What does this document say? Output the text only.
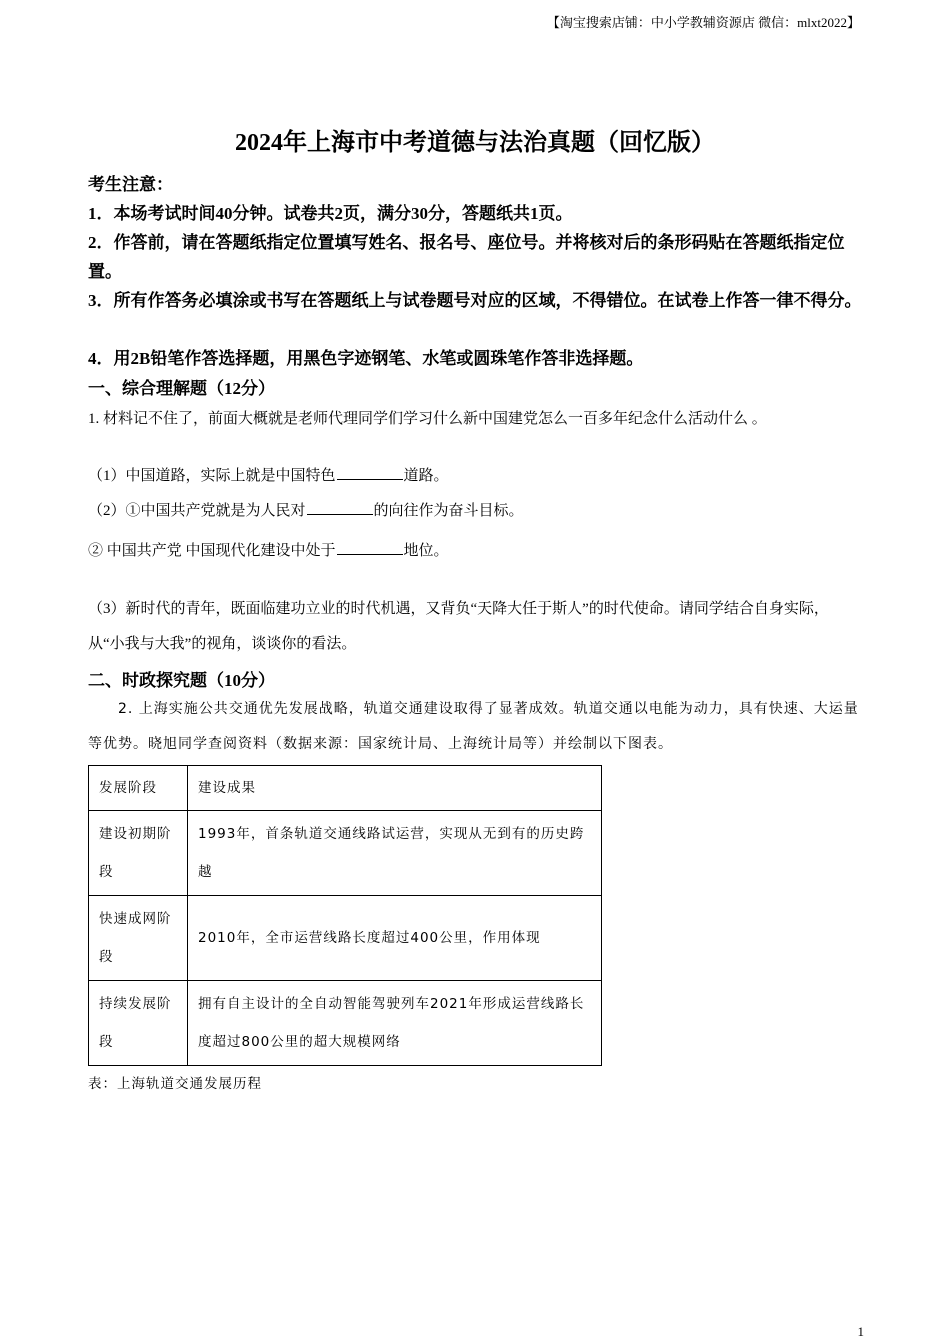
【淘宝搜索店铺：中小学教辅资源店 微信：mlxt2022】
2024年上海市中考道德与法治真题（回忆版）
考生注意：
1．本场考试时间40分钟。试卷共2页，满分30分，答题纸共1页。
2．作答前，请在答题纸指定位置填写姓名、报名号、座位号。并将核对后的条形码贴在答题纸指定位置。
3．所有作答务必填涂或书写在答题纸上与试卷题号对应的区域，不得错位。在试卷上作答一律不得分。
4．用2B铅笔作答选择题，用黑色字迹钢笔、水笔或圆珠笔作答非选择题。
一、综合理解题（12分）
1. 材料记不住了，前面大概就是老师代理同学们学习什么新中国建党怎么一百多年纪念什么活动什么 。
（1）中国道路，实际上就是中国特色	道路。
（2）①中国共产党就是为人民对	的向往作为奋斗目标。
② 中国共产党 中国现代化建设中处于	地位。
（3）新时代的青年，既面临建功立业的时代机遇，又背负“天降大任于斯人”的时代使命。请同学结合自身实际，从“小我与大我”的视角，谈谈你的看法。
二、时政探究题（10分）
2. 上海实施公共交通优先发展战略，轨道交通建设取得了显著成效。轨道交通以电能为动力，具有快速、大运量等优势。晓旭同学查阅资料（数据来源：国家统计局、上海统计局等）并绘制以下图表。
发展阶段	建设成果
建设初期阶段	1993年，首条轨道交通线路试运营，实现从无到有的历史跨越
快速成网阶段	2010年，全市运营线路长度超过400公里，作用体现
持续发展阶段	拥有自主设计的全自动智能驾驶列车2021年形成运营线路长度超过800公里的超大规模网络
表：上海轨道交通发展历程
1
